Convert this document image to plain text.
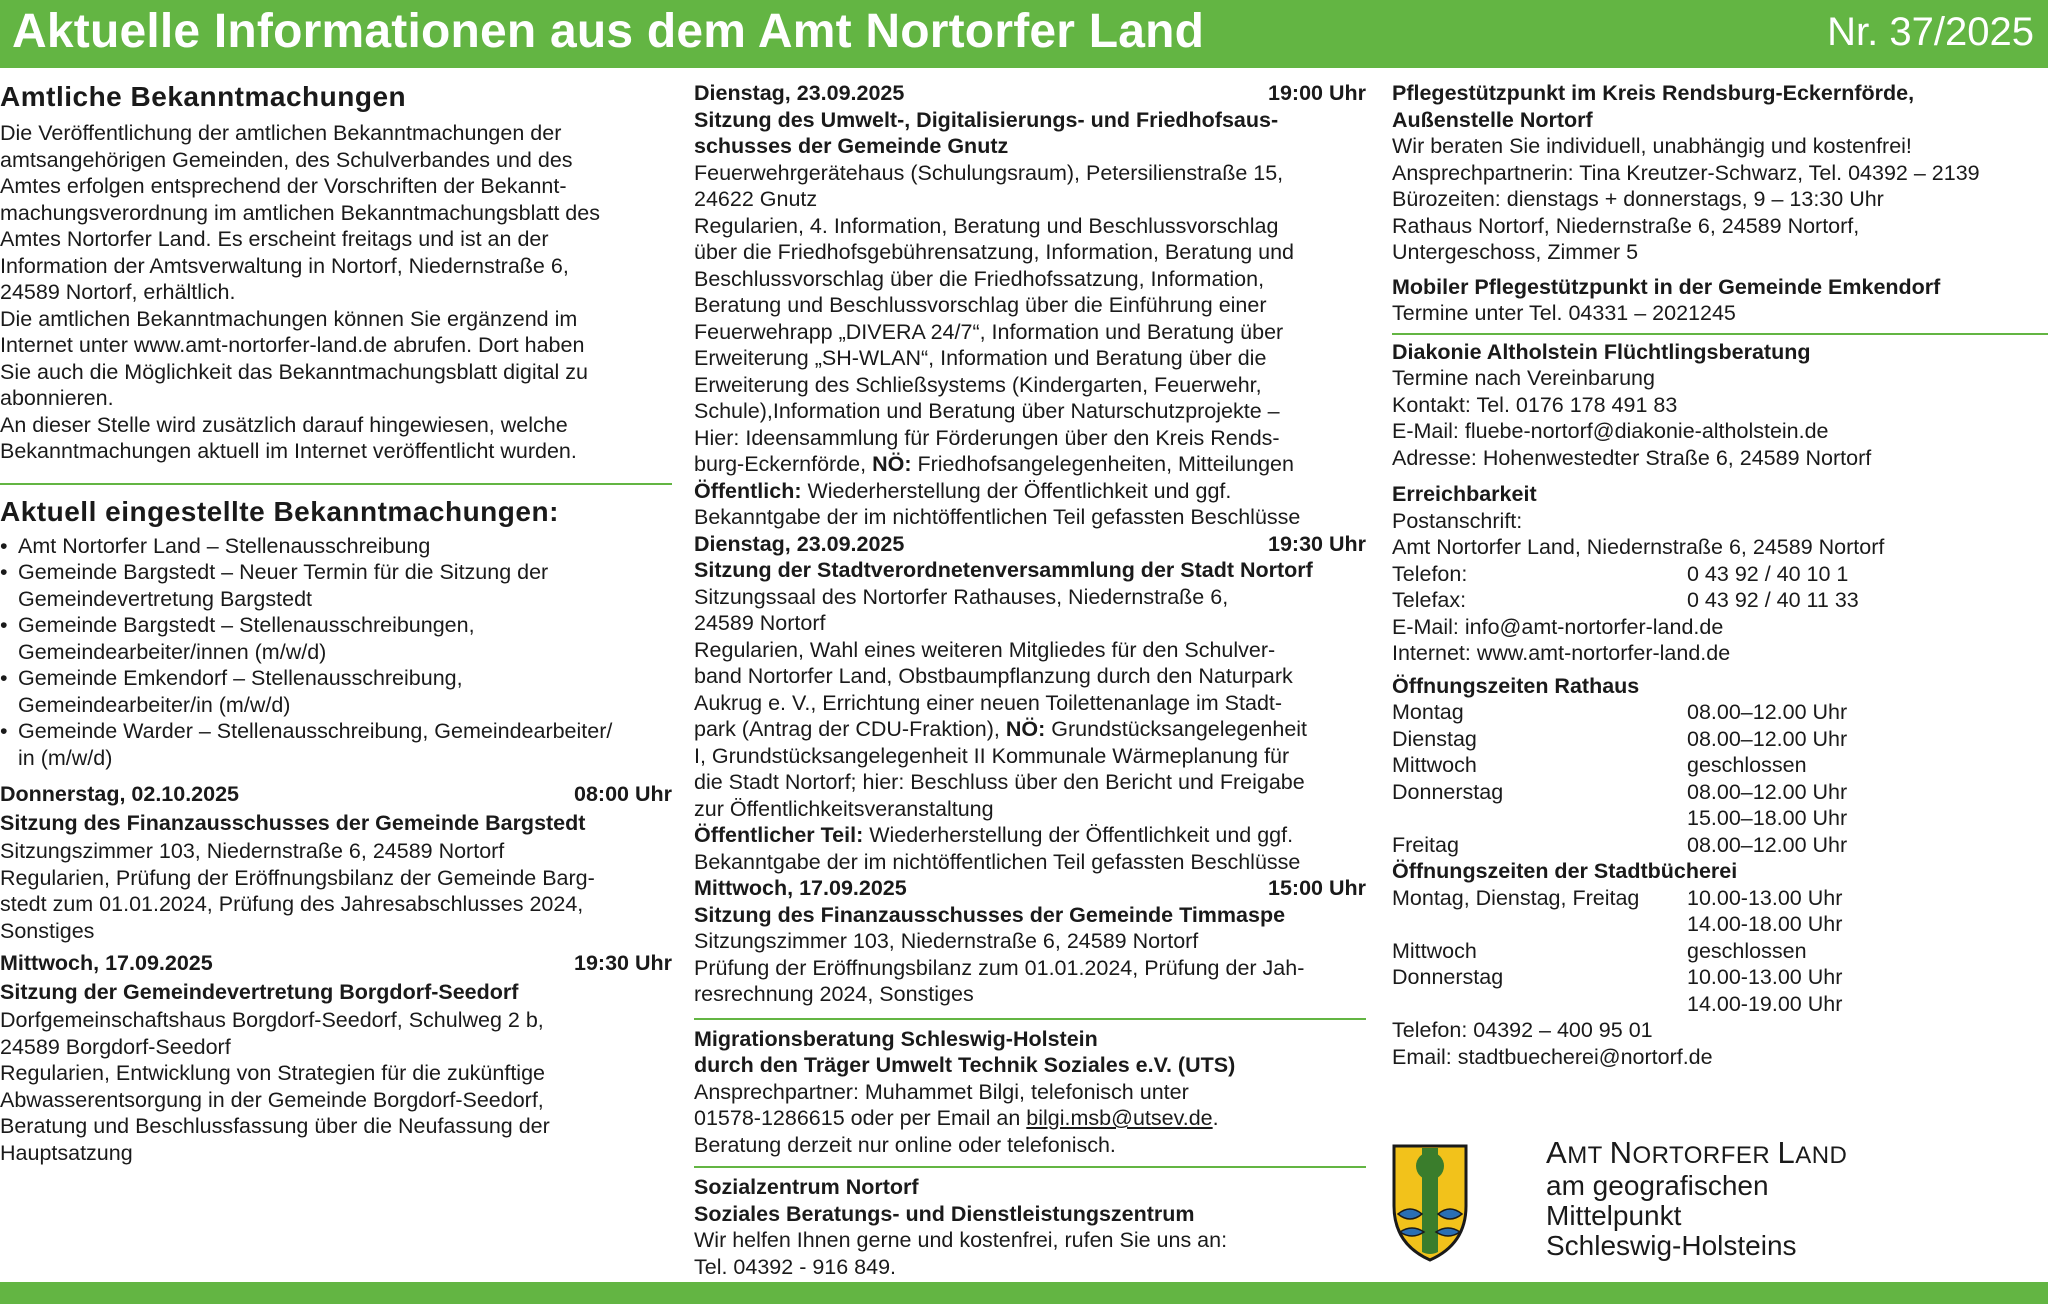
Aktuelle Informationen aus dem Amt Nortorfer Land	Nr. 37/2025
Amtliche Bekanntmachungen

Die Veröffentlichung der amtlichen Bekanntmachungen der

amtsangehörigen Gemeinden, des Schulverbandes und des

Amtes erfolgen entsprechend der Vorschriften der Bekannt-

machungsverordnung im amtlichen Bekanntmachungsblatt des

Amtes Nortorfer Land. Es erscheint freitags und ist an der

Information der Amtsverwaltung in Nortorf, Niedernstraße 6,

24589 Nortorf, erhältlich.

Die amtlichen Bekanntmachungen können Sie ergänzend im

Internet unter www.amt-nortorfer-land.de abrufen. Dort haben

Sie auch die Möglichkeit das Bekanntmachungsblatt digital zu

abonnieren.

An dieser Stelle wird zusätzlich darauf hingewiesen, welche

Bekanntmachungen aktuell im Internet veröffentlicht wurden.

Aktuell eingestellte Bekanntmachungen:

• Amt Nortorfer Land – Stellenausschreibung

• Gemeinde Bargstedt – Neuer Termin für die Sitzung der

Gemeindevertretung Bargstedt

• Gemeinde Bargstedt – Stellenausschreibungen,

Gemeindearbeiter/innen (m/w/d)

• Gemeinde Emkendorf – Stellenausschreibung,

Gemeindearbeiter/in (m/w/d)

• Gemeinde Warder – Stellenausschreibung, Gemeindearbeiter/

in (m/w/d)

Donnerstag, 02.10.2025	08:00 Uhr

Sitzung des Finanzausschusses der Gemeinde Bargstedt

Sitzungszimmer 103, Niedernstraße 6, 24589 Nortorf

Regularien, Prüfung der Eröffnungsbilanz der Gemeinde Barg-

stedt zum 01.01.2024, Prüfung des Jahresabschlusses 2024,

Sonstiges

Mittwoch, 17.09.2025	19:30 Uhr

Sitzung der Gemeindevertretung Borgdorf-Seedorf

Dorfgemeinschaftshaus Borgdorf-Seedorf, Schulweg 2 b,

24589 Borgdorf-Seedorf

Regularien, Entwicklung von Strategien für die zukünftige

Abwasserentsorgung in der Gemeinde Borgdorf-Seedorf,

Beratung und Beschlussfassung über die Neufassung der

Hauptsatzung

Dienstag, 23.09.2025	19:00 Uhr

Sitzung des Umwelt-, Digitalisierungs- und Friedhofsaus-

schusses der Gemeinde Gnutz

Feuerwehrgerätehaus (Schulungsraum), Petersilienstraße 15,

24622 Gnutz

Regularien, 4. Information, Beratung und Beschlussvorschlag

über die Friedhofsgebührensatzung, Information, Beratung und

Beschlussvorschlag über die Friedhofssatzung, Information,

Beratung und Beschlussvorschlag über die Einführung einer

Feuerwehrapp „DIVERA 24/7“, Information und Beratung über

Erweiterung „SH-WLAN“, Information und Beratung über die

Erweiterung des Schließsystems (Kindergarten, Feuerwehr,

Schule),Information und Beratung über Naturschutzprojekte –

Hier: Ideensammlung für Förderungen über den Kreis Rends-

burg-Eckernförde, NÖ: Friedhofsangelegenheiten, Mitteilungen

Öffentlich: Wiederherstellung der Öffentlichkeit und ggf.

Bekanntgabe der im nichtöffentlichen Teil gefassten Beschlüsse

Dienstag, 23.09.2025	19:30 Uhr

Sitzung der Stadtverordnetenversammlung der Stadt Nortorf

Sitzungssaal des Nortorfer Rathauses, Niedernstraße 6,

24589 Nortorf

Regularien, Wahl eines weiteren Mitgliedes für den Schulver-

band Nortorfer Land, Obstbaumpflanzung durch den Naturpark

Aukrug e. V., Errichtung einer neuen Toilettenanlage im Stadt-

park (Antrag der CDU-Fraktion), NÖ: Grundstücksangelegenheit

I, Grundstücksangelegenheit II Kommunale Wärmeplanung für

die Stadt Nortorf; hier: Beschluss über den Bericht und Freigabe

zur Öffentlichkeitsveranstaltung

Öffentlicher Teil: Wiederherstellung der Öffentlichkeit und ggf.

Bekanntgabe der im nichtöffentlichen Teil gefassten Beschlüsse

Mittwoch, 17.09.2025	15:00 Uhr

Sitzung des Finanzausschusses der Gemeinde Timmaspe

Sitzungszimmer 103, Niedernstraße 6, 24589 Nortorf

Prüfung der Eröffnungsbilanz zum 01.01.2024, Prüfung der Jah-

resrechnung 2024, Sonstiges

Migrationsberatung Schleswig-Holstein

durch den Träger Umwelt Technik Soziales e.V. (UTS)

Ansprechpartner: Muhammet Bilgi, telefonisch unter

01578-1286615 oder per Email an bilgi.msb@utsev.de.

Beratung derzeit nur online oder telefonisch.

Sozialzentrum Nortorf

Soziales Beratungs- und Dienstleistungszentrum

Wir helfen Ihnen gerne und kostenfrei, rufen Sie uns an:

Tel. 04392 - 916 849.

Pflegestützpunkt im Kreis Rendsburg-Eckernförde,

Außenstelle Nortorf

Wir beraten Sie individuell, unabhängig und kostenfrei!

Ansprechpartnerin: Tina Kreutzer-Schwarz, Tel. 04392 – 2139

Bürozeiten: dienstags + donnerstags, 9 – 13:30 Uhr

Rathaus Nortorf, Niedernstraße 6, 24589 Nortorf,

Untergeschoss, Zimmer 5

Mobiler Pflegestützpunkt in der Gemeinde Emkendorf

Termine unter Tel. 04331 – 2021245

Diakonie Altholstein Flüchtlingsberatung

Termine nach Vereinbarung

Kontakt: Tel. 0176 178 491 83

E-Mail: fluebe-nortorf@diakonie-altholstein.de

Adresse: Hohenwestedter Straße 6, 24589 Nortorf

Erreichbarkeit

Postanschrift:

Amt Nortorfer Land, Niedernstraße 6, 24589 Nortorf

Telefon:	0 43 92 / 40 10 1
Telefax:	0 43 92 / 40 11 33

E-Mail: info@amt-nortorfer-land.de

Internet: www.amt-nortorfer-land.de

Öffnungszeiten Rathaus

Montag	08.00–12.00 Uhr
Dienstag	08.00–12.00 Uhr
Mittwoch	geschlossen
Donnerstag	08.00–12.00 Uhr
15.00–18.00 Uhr
Freitag	08.00–12.00 Uhr

Öffnungszeiten der Stadtbücherei

Montag, Dienstag, Freitag	10.00-13.00 Uhr
14.00-18.00 Uhr
Mittwoch	geschlossen
Donnerstag	10.00-13.00 Uhr
14.00-19.00 Uhr

Telefon: 04392 – 400 95 01

Email: stadtbuecherei@nortorf.de

AMT NORTORFER LAND
am geografischen
Mittelpunkt
Schleswig-Holsteins
